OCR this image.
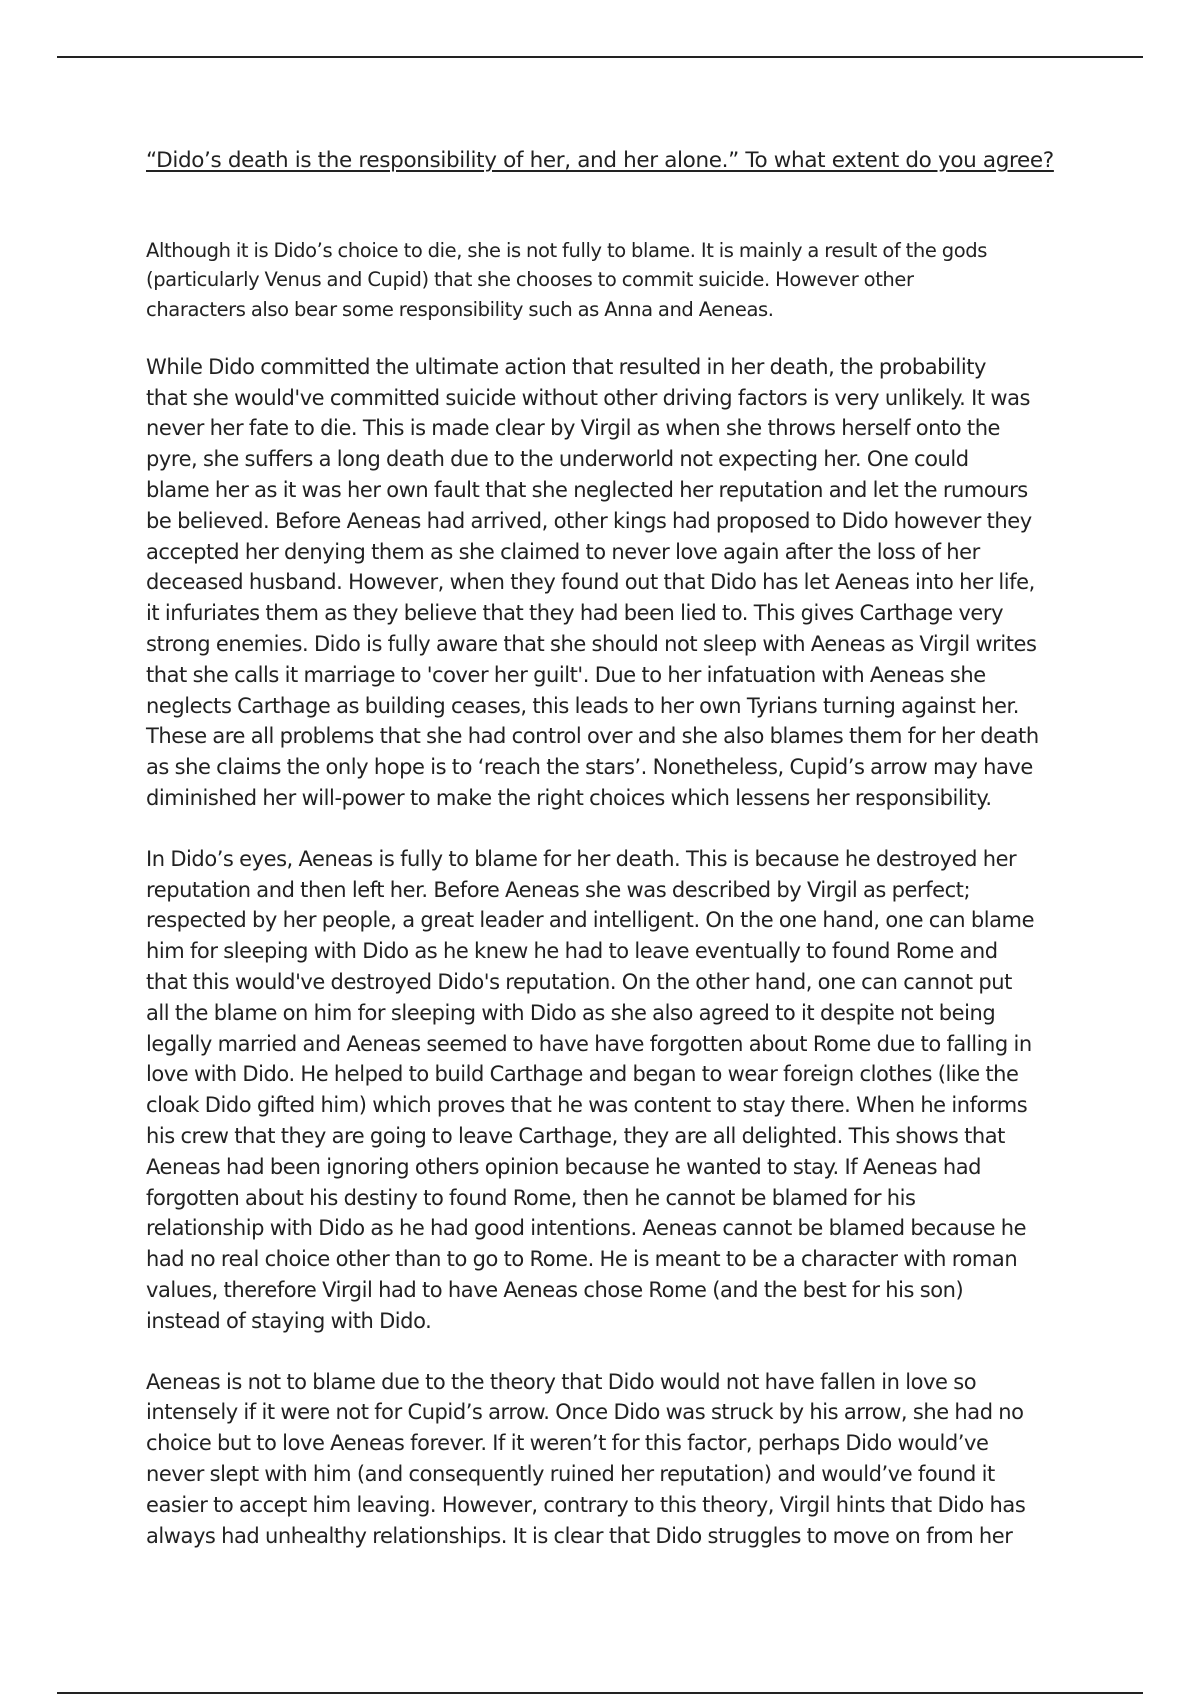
“Dido’s death is the responsibility of her, and her alone.” To what extent do you agree?

Although it is Dido’s choice to die, she is not fully to blame. It is mainly a result of the gods

(particularly Venus and Cupid) that she chooses to commit suicide. However other

characters also bear some responsibility such as Anna and Aeneas.

While Dido committed the ultimate action that resulted in her death, the probability

that she would've committed suicide without other driving factors is very unlikely. It was

never her fate to die. This is made clear by Virgil as when she throws herself onto the

pyre, she suffers a long death due to the underworld not expecting her. One could

blame her as it was her own fault that she neglected her reputation and let the rumours

be believed. Before Aeneas had arrived, other kings had proposed to Dido however they

accepted her denying them as she claimed to never love again after the loss of her

deceased husband. However, when they found out that Dido has let Aeneas into her life,

it infuriates them as they believe that they had been lied to. This gives Carthage very

strong enemies. Dido is fully aware that she should not sleep with Aeneas as Virgil writes

that she calls it marriage to 'cover her guilt'. Due to her infatuation with Aeneas she

neglects Carthage as building ceases, this leads to her own Tyrians turning against her.

These are all problems that she had control over and she also blames them for her death

as she claims the only hope is to ‘reach the stars’. Nonetheless, Cupid’s arrow may have

diminished her will-power to make the right choices which lessens her responsibility.

In Dido’s eyes, Aeneas is fully to blame for her death. This is because he destroyed her

reputation and then left her. Before Aeneas she was described by Virgil as perfect;

respected by her people, a great leader and intelligent. On the one hand, one can blame

him for sleeping with Dido as he knew he had to leave eventually to found Rome and

that this would've destroyed Dido's reputation. On the other hand, one can cannot put

all the blame on him for sleeping with Dido as she also agreed to it despite not being

legally married and Aeneas seemed to have have forgotten about Rome due to falling in

love with Dido. He helped to build Carthage and began to wear foreign clothes (like the

cloak Dido gifted him) which proves that he was content to stay there. When he informs

his crew that they are going to leave Carthage, they are all delighted. This shows that

Aeneas had been ignoring others opinion because he wanted to stay. If Aeneas had

forgotten about his destiny to found Rome, then he cannot be blamed for his

relationship with Dido as he had good intentions. Aeneas cannot be blamed because he

had no real choice other than to go to Rome. He is meant to be a character with roman

values, therefore Virgil had to have Aeneas chose Rome (and the best for his son)

instead of staying with Dido.

Aeneas is not to blame due to the theory that Dido would not have fallen in love so

intensely if it were not for Cupid’s arrow. Once Dido was struck by his arrow, she had no

choice but to love Aeneas forever. If it weren’t for this factor, perhaps Dido would’ve

never slept with him (and consequently ruined her reputation) and would’ve found it

easier to accept him leaving. However, contrary to this theory, Virgil hints that Dido has

always had unhealthy relationships. It is clear that Dido struggles to move on from her
